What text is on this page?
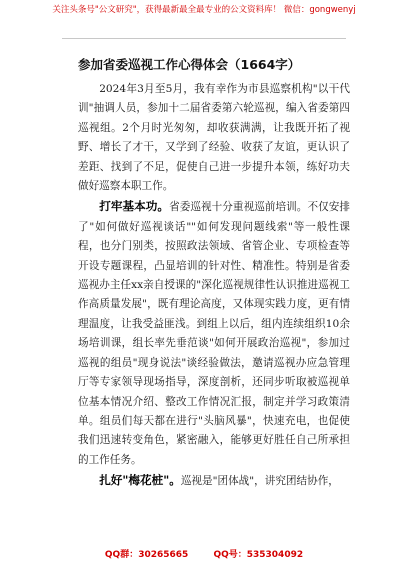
关注头条号"公文研究"，获得最新最全最专业的公文资料库！ 微信：gongwenyj
参加省委巡视工作心得体会（1664字）

2024年3月至5月，我有幸作为市县巡察机构"以干代训"抽调人员，参加十二届省委第六轮巡视，编入省委第四巡视组。2个月时光匆匆，却收获满满，让我既开拓了视野、增长了才干，又学到了经验、收获了友谊，更认识了差距、找到了不足，促使自己进一步提升本领，练好功夫做好巡察本职工作。

打牢基本功。省委巡视十分重视巡前培训。不仅安排了"如何做好巡视谈话""如何发现问题线索"等一般性课程，也分门别类，按照政法领域、省管企业、专项检查等开设专题课程，凸显培训的针对性、精准性。特别是省委巡视办主任xx亲自授课的"深化巡视规律性认识推进巡视工作高质量发展"，既有理论高度，又体现实践力度，更有情理温度，让我受益匪浅。到组上以后，组内连续组织10余场培训课，组长率先垂范谈"如何开展政治巡视"，参加过巡视的组员"现身说法"谈经验做法，邀请巡视办应急管理厅等专家领导现场指导，深度剖析，还同步听取被巡视单位基本情况介绍、整改工作情况汇报，制定并学习政策清单。组员们每天都在进行"头脑风暴"，快速充电，也促使我们迅速转变角色，紧密融入，能够更好胜任自己所承担的工作任务。

扎好"梅花桩"。巡视是"团体战"，讲究团结协作，

QQ群：30265665	QQ号：535304092
